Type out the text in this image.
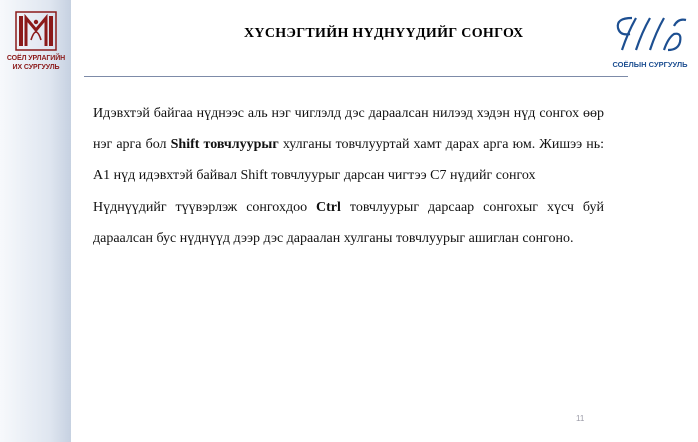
СОЁЛ УРЛАГИЙН
ИХ СУРГУУЛЬ
ХҮСНЭГТИЙН НҮДНҮҮДИЙГ СОНГОХ
СОЁЛЫН СУРГУУЛЬ

Идэвхтэй байгаа нүднээс аль нэг чиглэлд дэс дараалсан нилээд хэдэн нүд сонгох өөр нэг арга бол Shift товчлуурыг хулганы товчлууртай хамт дарах арга юм. Жишээ нь: A1 нүд идэвхтэй байвал Shift товчлуурыг дарсан чигтээ C7 нүдийг сонгох

Нүднүүдийг түүвэрлэж сонгохдоо Ctrl товчлуурыг дарсаар сонгохыг хүсч буй дараалсан бус нүднүүд дээр дэс дараалан хулганы товчлуурыг ашиглан сонгоно.

11
